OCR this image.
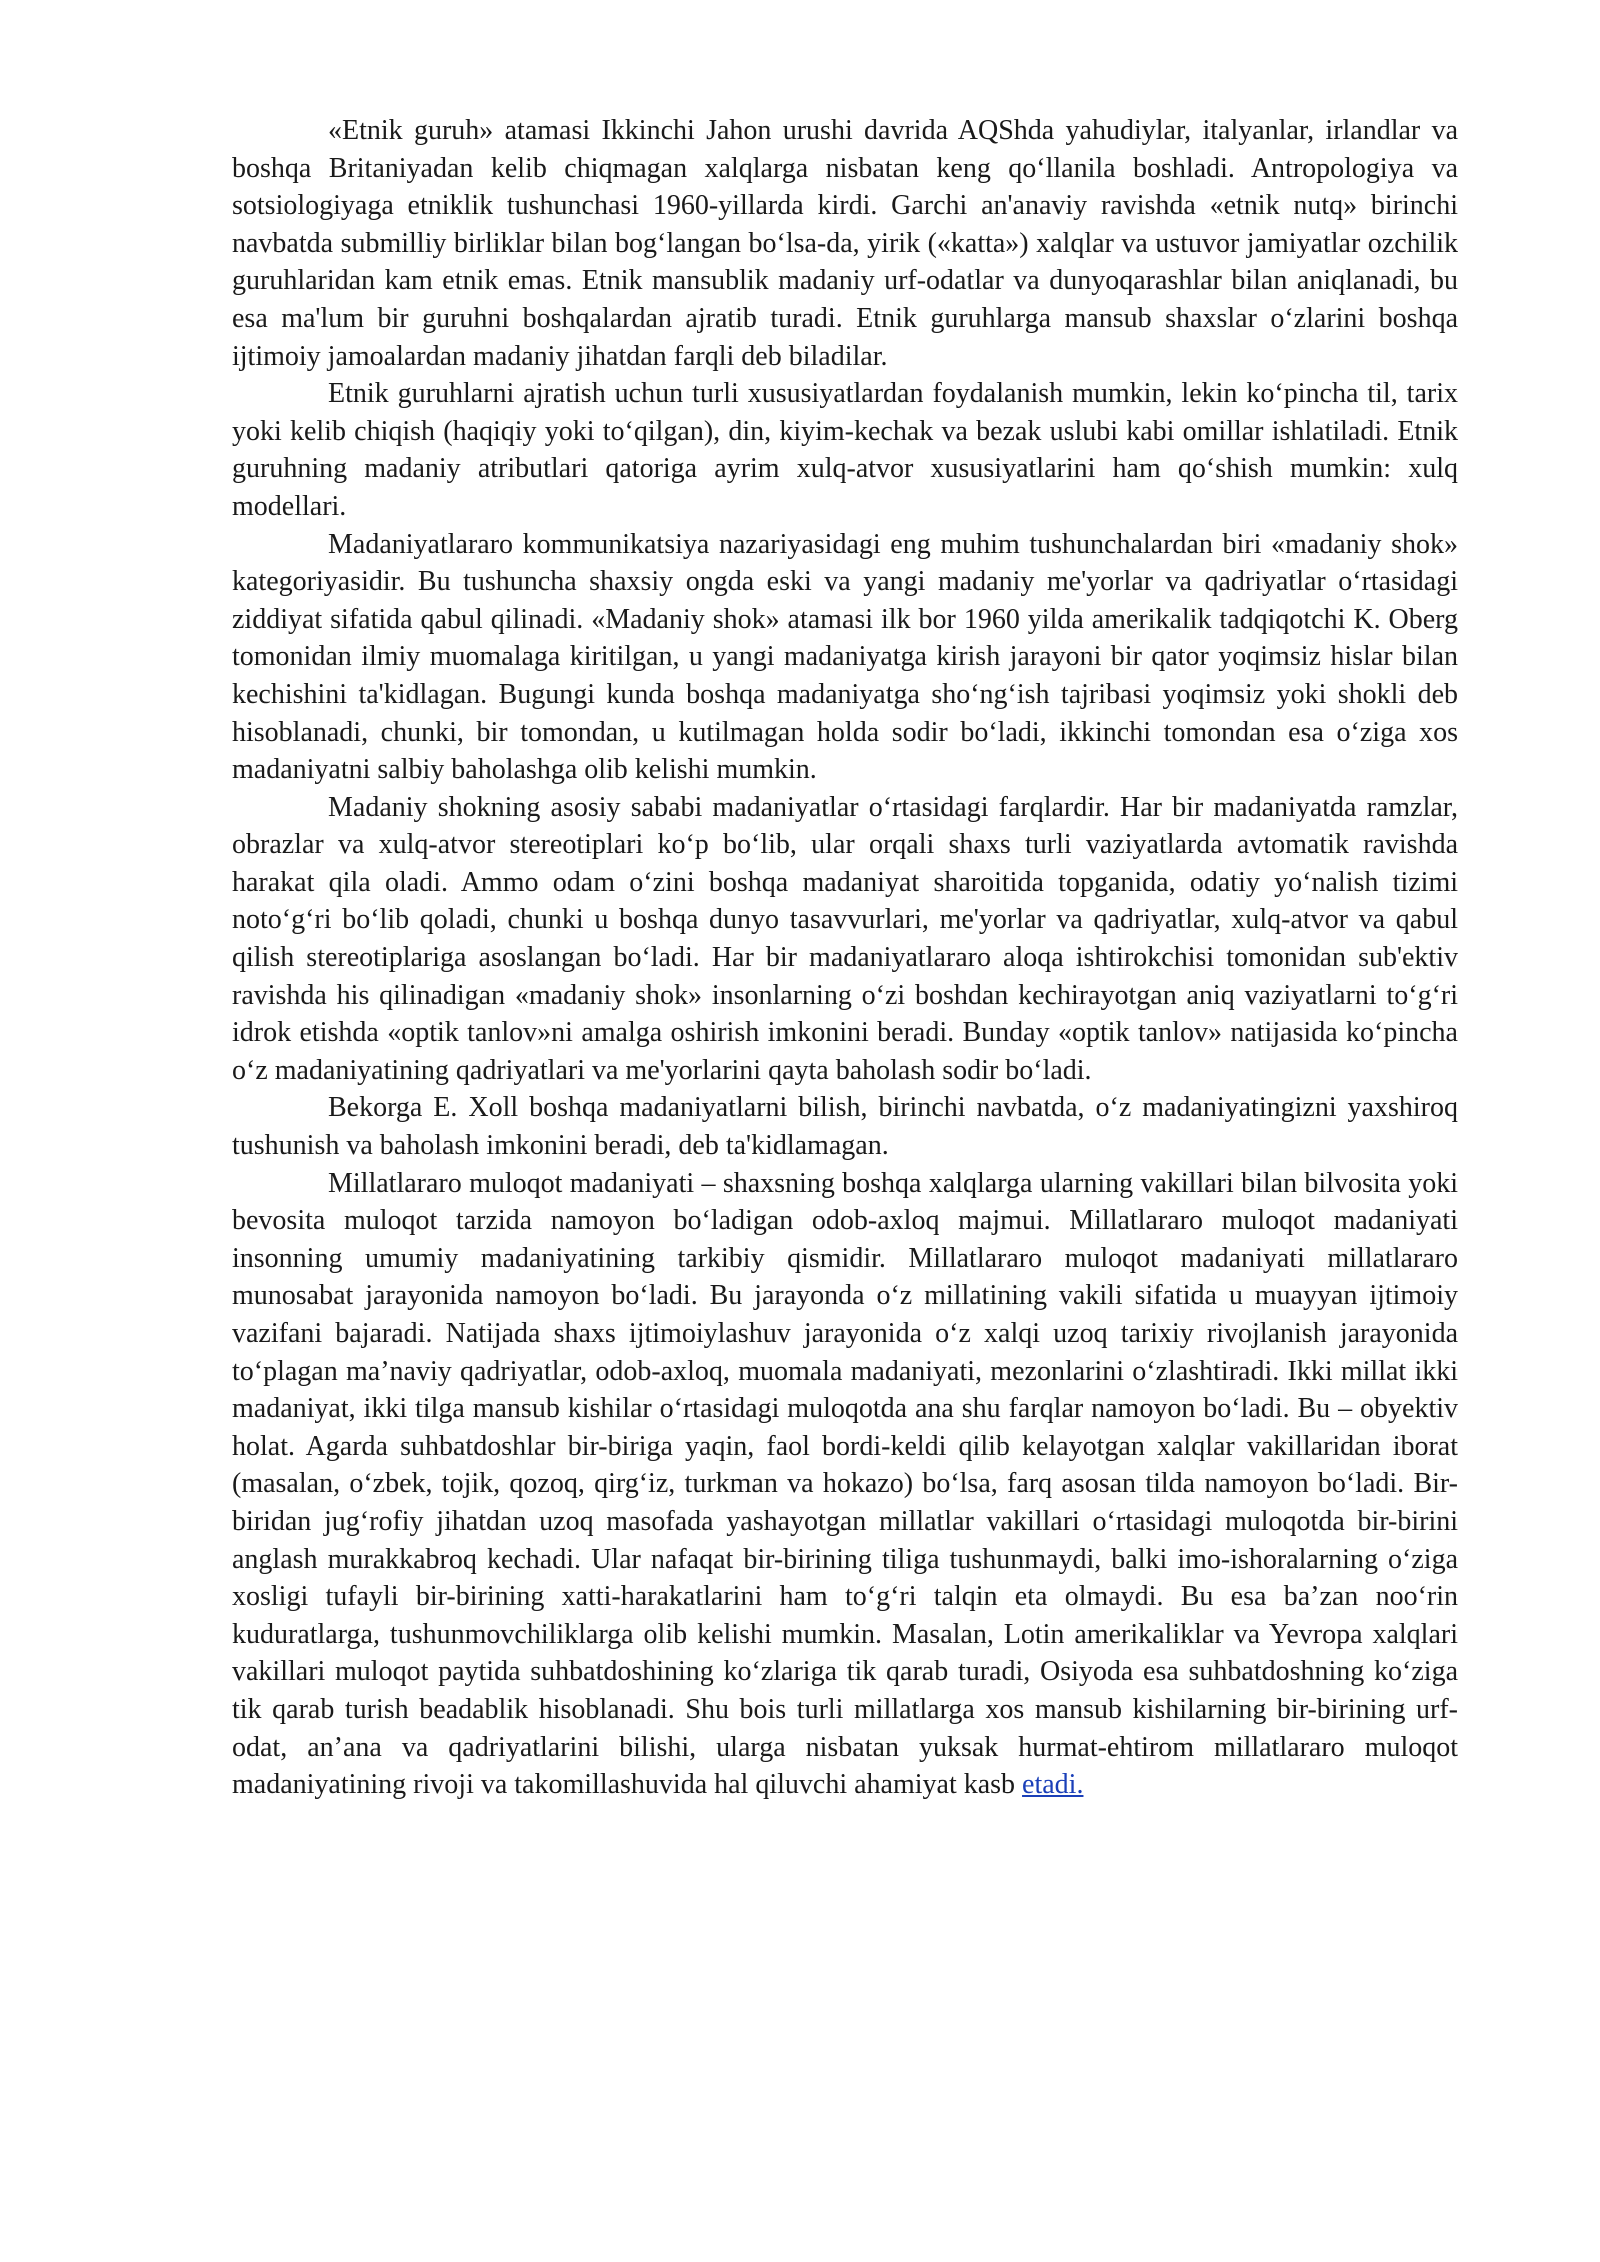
«Etnik guruh» atamasi Ikkinchi Jahon urushi davrida AQShda yahudiylar, italyanlar, irlandlar va boshqa Britaniyadan kelib chiqmagan xalqlarga nisbatan keng qo‘llanila boshladi. Antropologiya va sotsiologiyaga etniklik tushunchasi 1960-yillarda kirdi. Garchi an'anaviy ravishda «etnik nutq» birinchi navbatda submilliy birliklar bilan bog‘langan bo‘lsa-da, yirik («katta») xalqlar va ustuvor jamiyatlar ozchilik guruhlaridan kam etnik emas. Etnik mansublik madaniy urf-odatlar va dunyoqarashlar bilan aniqlanadi, bu esa ma'lum bir guruhni boshqalardan ajratib turadi. Etnik guruhlarga mansub shaxslar o‘zlarini boshqa ijtimoiy jamoalardan madaniy jihatdan farqli deb biladilar.

Etnik guruhlarni ajratish uchun turli xususiyatlardan foydalanish mumkin, lekin ko‘pincha til, tarix yoki kelib chiqish (haqiqiy yoki to‘qilgan), din, kiyim-kechak va bezak uslubi kabi omillar ishlatiladi. Etnik guruhning madaniy atributlari qatoriga ayrim xulq-atvor xususiyatlarini ham qo‘shish mumkin: xulq modellari.

Madaniyatlararo kommunikatsiya nazariyasidagi eng muhim tushunchalardan biri «madaniy shok» kategoriyasidir. Bu tushuncha shaxsiy ongda eski va yangi madaniy me'yorlar va qadriyatlar o‘rtasidagi ziddiyat sifatida qabul qilinadi. «Madaniy shok» atamasi ilk bor 1960 yilda amerikalik tadqiqotchi K. Oberg tomonidan ilmiy muomalaga kiritilgan, u yangi madaniyatga kirish jarayoni bir qator yoqimsiz hislar bilan kechishini ta'kidlagan. Bugungi kunda boshqa madaniyatga sho‘ng‘ish tajribasi yoqimsiz yoki shokli deb hisoblanadi, chunki, bir tomondan, u kutilmagan holda sodir bo‘ladi, ikkinchi tomondan esa o‘ziga xos madaniyatni salbiy baholashga olib kelishi mumkin.

Madaniy shokning asosiy sababi madaniyatlar o‘rtasidagi farqlardir. Har bir madaniyatda ramzlar, obrazlar va xulq-atvor stereotiplari ko‘p bo‘lib, ular orqali shaxs turli vaziyatlarda avtomatik ravishda harakat qila oladi. Ammo odam o‘zini boshqa madaniyat sharoitida topganida, odatiy yo‘nalish tizimi noto‘g‘ri bo‘lib qoladi, chunki u boshqa dunyo tasavvurlari, me'yorlar va qadriyatlar, xulq-atvor va qabul qilish stereotiplariga asoslangan bo‘ladi. Har bir madaniyatlararo aloqa ishtirokchisi tomonidan sub'ektiv ravishda his qilinadigan «madaniy shok» insonlarning o‘zi boshdan kechirayotgan aniq vaziyatlarni to‘g‘ri idrok etishda «optik tanlov»ni amalga oshirish imkonini beradi. Bunday «optik tanlov» natijasida ko‘pincha o‘z madaniyatining qadriyatlari va me'yorlarini qayta baholash sodir bo‘ladi.

Bekorga E. Xoll boshqa madaniyatlarni bilish, birinchi navbatda, o‘z madaniyatingizni yaxshiroq tushunish va baholash imkonini beradi, deb ta'kidlamagan.

Millatlararo muloqot madaniyati – shaxsning boshqa xalqlarga ularning vakillari bilan bilvosita yoki bevosita muloqot tarzida namoyon bo‘ladigan odob-axloq majmui. Millatlararo muloqot madaniyati insonning umumiy madaniyatining tarkibiy qismidir. Millatlararo muloqot madaniyati millatlararo munosabat jarayonida namoyon bo‘ladi. Bu jarayonda o‘z millatining vakili sifatida u muayyan ijtimoiy vazifani bajaradi. Natijada shaxs ijtimoiylashuv jarayonida o‘z xalqi uzoq tarixiy rivojlanish jarayonida to‘plagan ma’naviy qadriyatlar, odob-axloq, muomala madaniyati, mezonlarini o‘zlashtiradi. Ikki millat ikki madaniyat, ikki tilga mansub kishilar o‘rtasidagi muloqotda ana shu farqlar namoyon bo‘ladi. Bu – obyektiv holat. Agarda suhbatdoshlar bir-biriga yaqin, faol bordi-keldi qilib kelayotgan xalqlar vakillaridan iborat (masalan, o‘zbek, tojik, qozoq, qirg‘iz, turkman va hokazo) bo‘lsa, farq asosan tilda namoyon bo‘ladi. Bir-biridan jug‘rofiy jihatdan uzoq masofada yashayotgan millatlar vakillari o‘rtasidagi muloqotda bir-birini anglash murakkabroq kechadi. Ular nafaqat bir-birining tiliga tushunmaydi, balki imo-ishoralarning o‘ziga xosligi tufayli bir-birining xatti-harakatlarini ham to‘g‘ri talqin eta olmaydi. Bu esa ba’zan noo‘rin kuduratlarga, tushunmovchiliklarga olib kelishi mumkin. Masalan, Lotin amerikaliklar va Yevropa xalqlari vakillari muloqot paytida suhbatdoshining ko‘zlariga tik qarab turadi, Osiyoda esa suhbatdoshning ko‘ziga tik qarab turish beadablik hisoblanadi. Shu bois turli millatlarga xos mansub kishilarning bir-birining urf-odat, an’ana va qadriyatlarini bilishi, ularga nisbatan yuksak hurmat-ehtirom millatlararo muloqot madaniyatining rivoji va takomillashuvida hal qiluvchi ahamiyat kasb etadi.
